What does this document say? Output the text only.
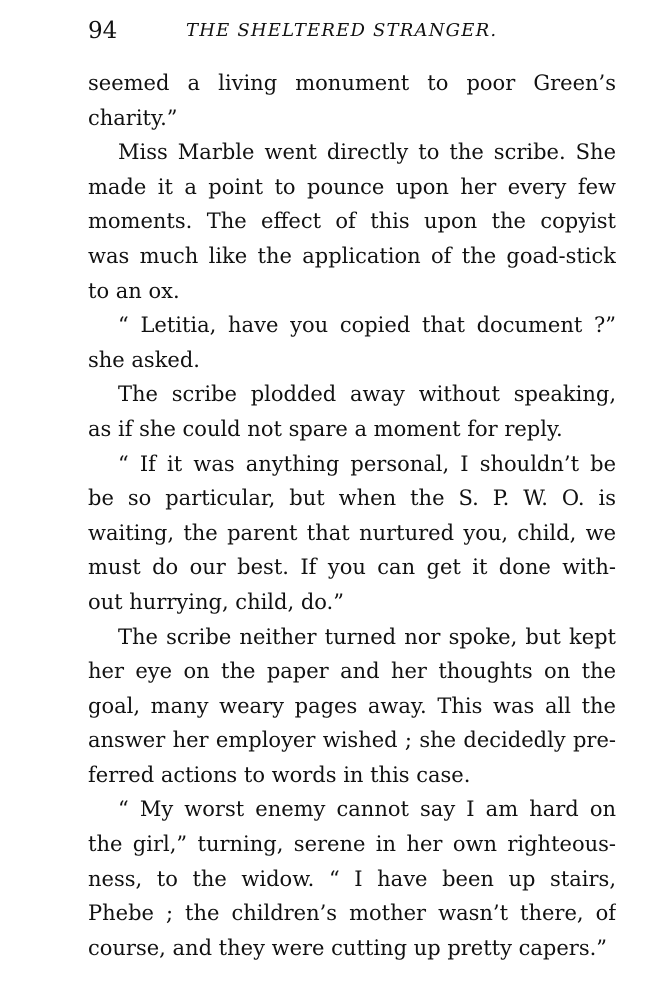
94	THE SHELTERED STRANGER.
seemed a living monument to poor Green’s
charity.”
Miss Marble went directly to the scribe. She
made it a point to pounce upon her every few
moments. The effect of this upon the copyist
was much like the application of the goad-stick
to an ox.
“ Letitia, have you copied that document ?”
she asked.
The scribe plodded away without speaking,
as if she could not spare a moment for reply.
“ If it was anything personal, I shouldn’t be
be so particular, but when the S. P. W. O. is
waiting, the parent that nurtured you, child, we
must do our best. If you can get it done with-
out hurrying, child, do.”
The scribe neither turned nor spoke, but kept
her eye on the paper and her thoughts on the
goal, many weary pages away. This was all the
answer her employer wished ; she decidedly pre-
ferred actions to words in this case.
“ My worst enemy cannot say I am hard on
the girl,” turning, serene in her own righteous-
ness, to the widow. “ I have been up stairs,
Phebe ; the children’s mother wasn’t there, of
course, and they were cutting up pretty capers.”
